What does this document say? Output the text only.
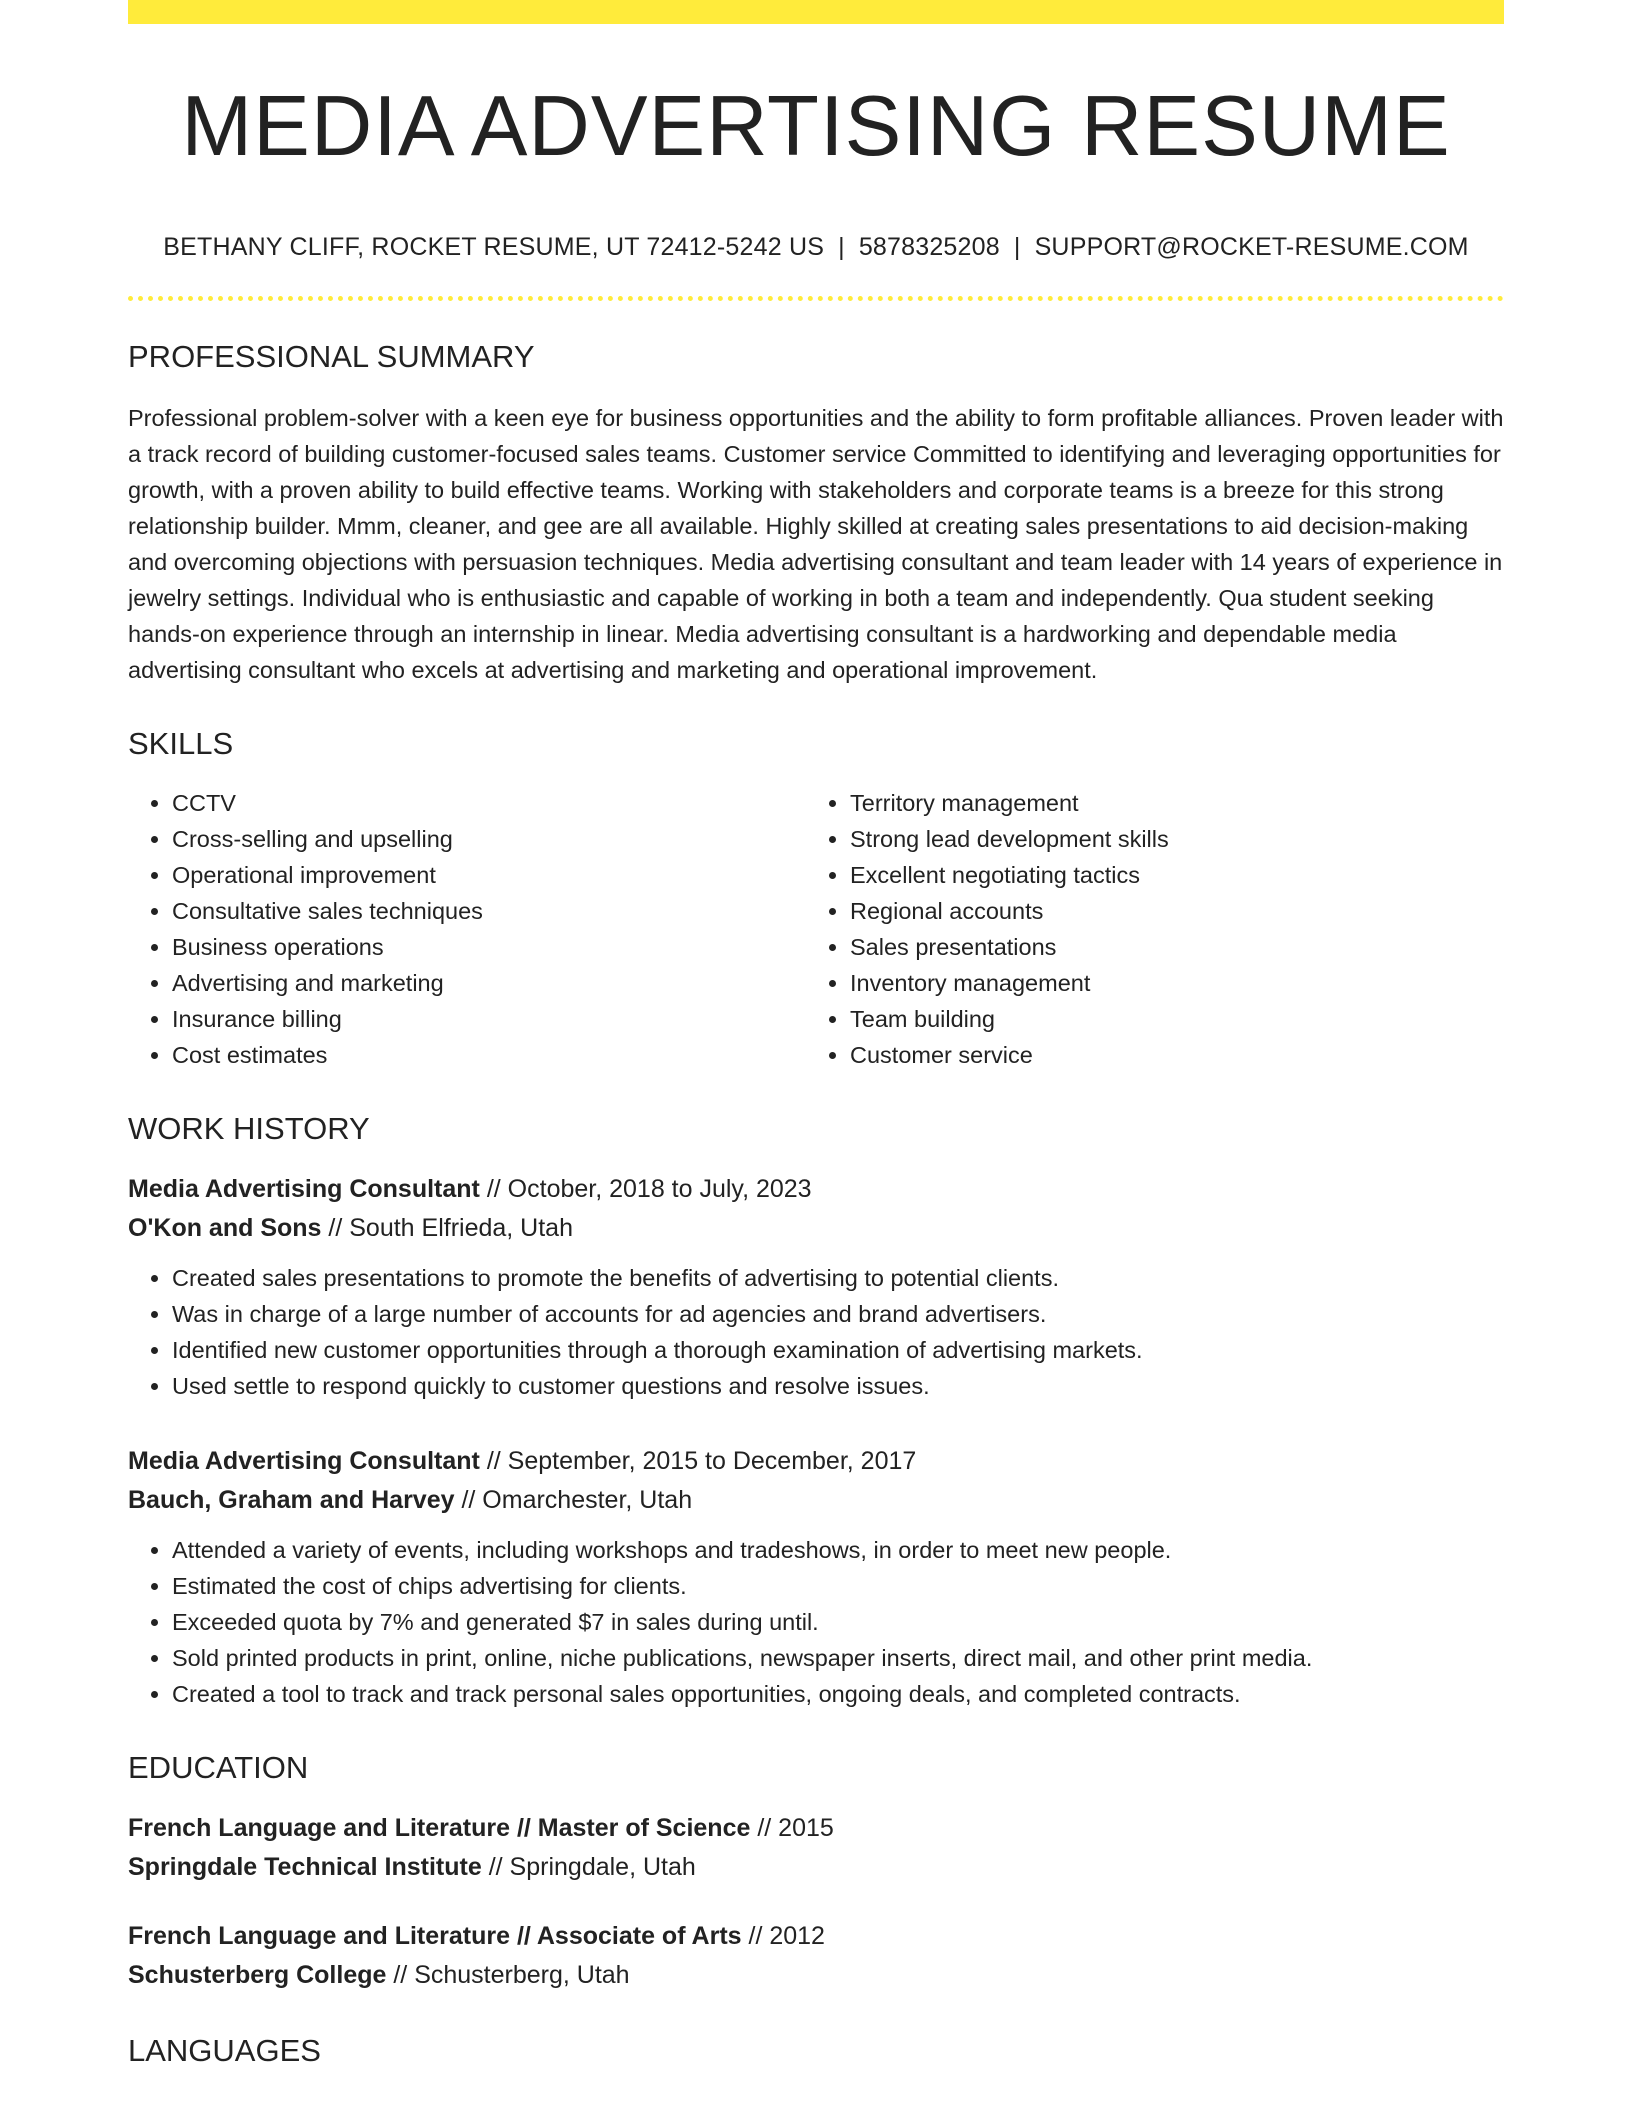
MEDIA ADVERTISING RESUME
BETHANY CLIFF, ROCKET RESUME, UT 72412-5242 US | 5878325208 | SUPPORT@ROCKET-RESUME.COM
PROFESSIONAL SUMMARY
Professional problem-solver with a keen eye for business opportunities and the ability to form profitable alliances. Proven leader with a track record of building customer-focused sales teams. Customer service Committed to identifying and leveraging opportunities for growth, with a proven ability to build effective teams. Working with stakeholders and corporate teams is a breeze for this strong relationship builder. Mmm, cleaner, and gee are all available. Highly skilled at creating sales presentations to aid decision-making and overcoming objections with persuasion techniques. Media advertising consultant and team leader with 14 years of experience in jewelry settings. Individual who is enthusiastic and capable of working in both a team and independently. Qua student seeking hands-on experience through an internship in linear. Media advertising consultant is a hardworking and dependable media advertising consultant who excels at advertising and marketing and operational improvement.
SKILLS
• CCTV
• Cross-selling and upselling
• Operational improvement
• Consultative sales techniques
• Business operations
• Advertising and marketing
• Insurance billing
• Cost estimates
• Territory management
• Strong lead development skills
• Excellent negotiating tactics
• Regional accounts
• Sales presentations
• Inventory management
• Team building
• Customer service
WORK HISTORY
Media Advertising Consultant // October, 2018 to July, 2023
O'Kon and Sons // South Elfrieda, Utah
• Created sales presentations to promote the benefits of advertising to potential clients.
• Was in charge of a large number of accounts for ad agencies and brand advertisers.
• Identified new customer opportunities through a thorough examination of advertising markets.
• Used settle to respond quickly to customer questions and resolve issues.
Media Advertising Consultant // September, 2015 to December, 2017
Bauch, Graham and Harvey // Omarchester, Utah
• Attended a variety of events, including workshops and tradeshows, in order to meet new people.
• Estimated the cost of chips advertising for clients.
• Exceeded quota by 7% and generated $7 in sales during until.
• Sold printed products in print, online, niche publications, newspaper inserts, direct mail, and other print media.
• Created a tool to track and track personal sales opportunities, ongoing deals, and completed contracts.
EDUCATION
French Language and Literature // Master of Science // 2015
Springdale Technical Institute // Springdale, Utah
French Language and Literature // Associate of Arts // 2012
Schusterberg College // Schusterberg, Utah
LANGUAGES
